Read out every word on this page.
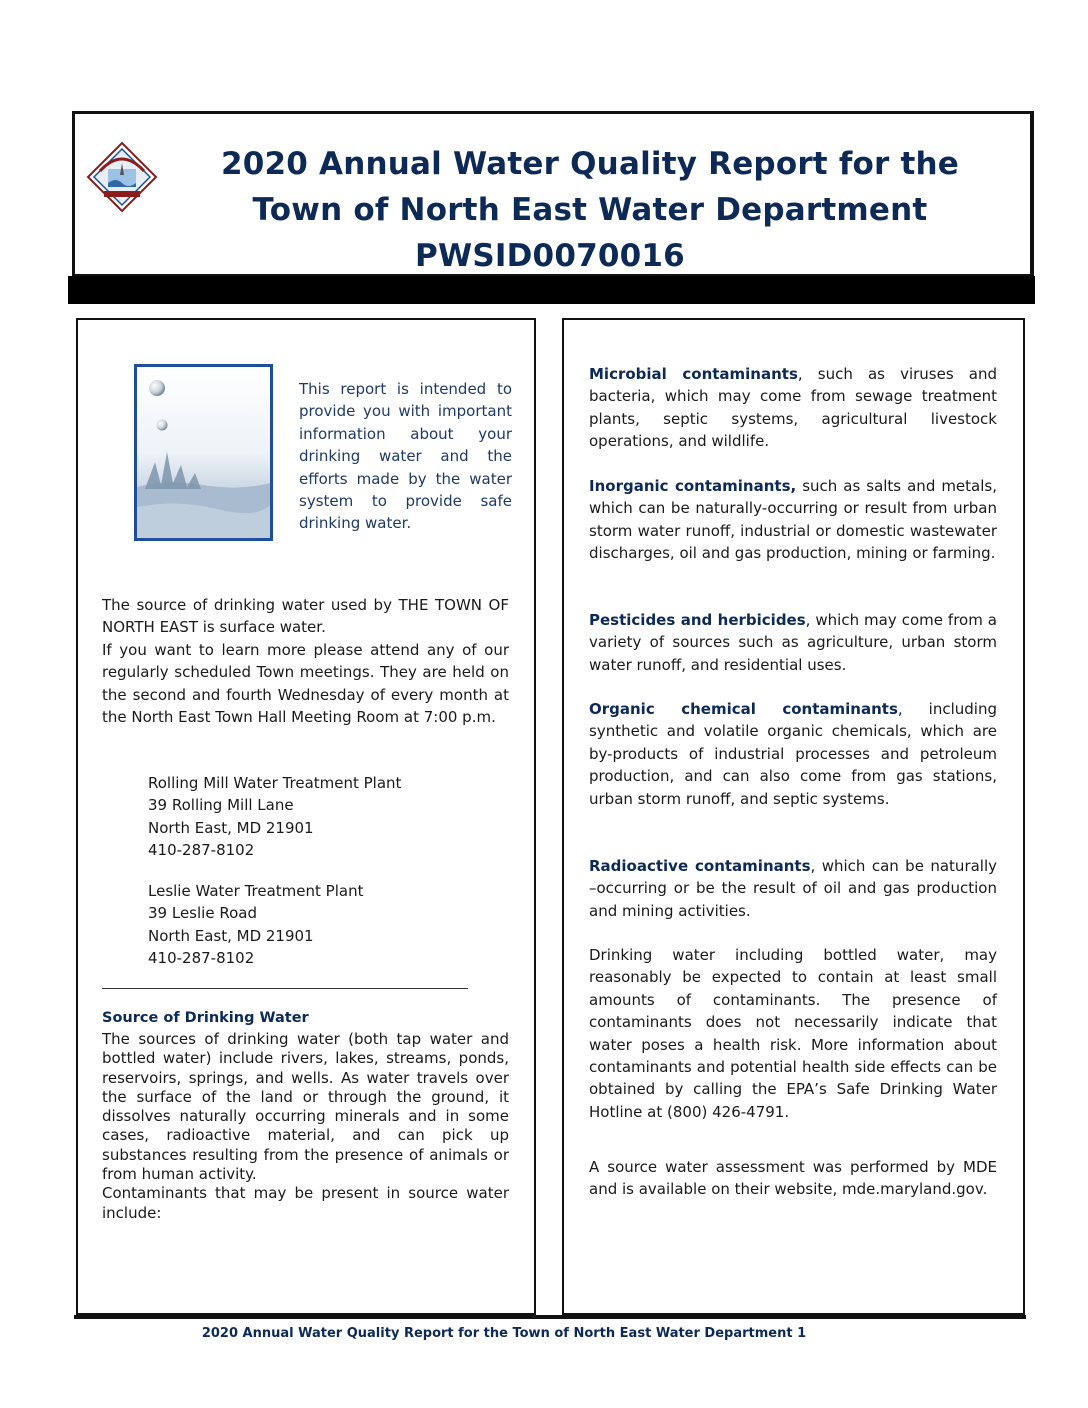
2020 Annual Water Quality Report for the
Town of North East Water Department
PWSID0070016
This report is intended to provide you with important information about your drinking water and the efforts made by the water system to provide safe drinking water.
The source of drinking water used by THE TOWN OF NORTH EAST is surface water.
If you want to learn more please attend any of our regularly scheduled Town meetings. They are held on the second and fourth Wednesday of every month at the North East Town Hall Meeting Room at 7:00 p.m.
Rolling Mill Water Treatment Plant
39 Rolling Mill Lane
North East, MD 21901
410-287-8102
Leslie Water Treatment Plant
39 Leslie Road
North East, MD 21901
410-287-8102
Source of Drinking Water
The sources of drinking water (both tap water and bottled water) include rivers, lakes, streams, ponds, reservoirs, springs, and wells. As water travels over the surface of the land or through the ground, it dissolves naturally occurring minerals and in some cases, radioactive material, and can pick up substances resulting from the presence of animals or from human activity.
Contaminants that may be present in source water include:
Microbial contaminants, such as viruses and bacteria, which may come from sewage treatment plants, septic systems, agricultural livestock operations, and wildlife.
Inorganic contaminants, such as salts and metals, which can be naturally-occurring or result from urban storm water runoff, industrial or domestic wastewater discharges, oil and gas production, mining or farming.
Pesticides and herbicides, which may come from a variety of sources such as agriculture, urban storm water runoff, and residential uses.
Organic chemical contaminants, including synthetic and volatile organic chemicals, which are by-products of industrial processes and petroleum production, and can also come from gas stations, urban storm runoff, and septic systems.
Radioactive contaminants, which can be naturally –occurring or be the result of oil and gas production and mining activities.
Drinking water including bottled water, may reasonably be expected to contain at least small amounts of contaminants. The presence of contaminants does not necessarily indicate that water poses a health risk. More information about contaminants and potential health side effects can be obtained by calling the EPA’s Safe Drinking Water Hotline at (800) 426-4791.
A source water assessment was performed by MDE and is available on their website, mde.maryland.gov.
2020 Annual Water Quality Report for the Town of North East Water Department 1
